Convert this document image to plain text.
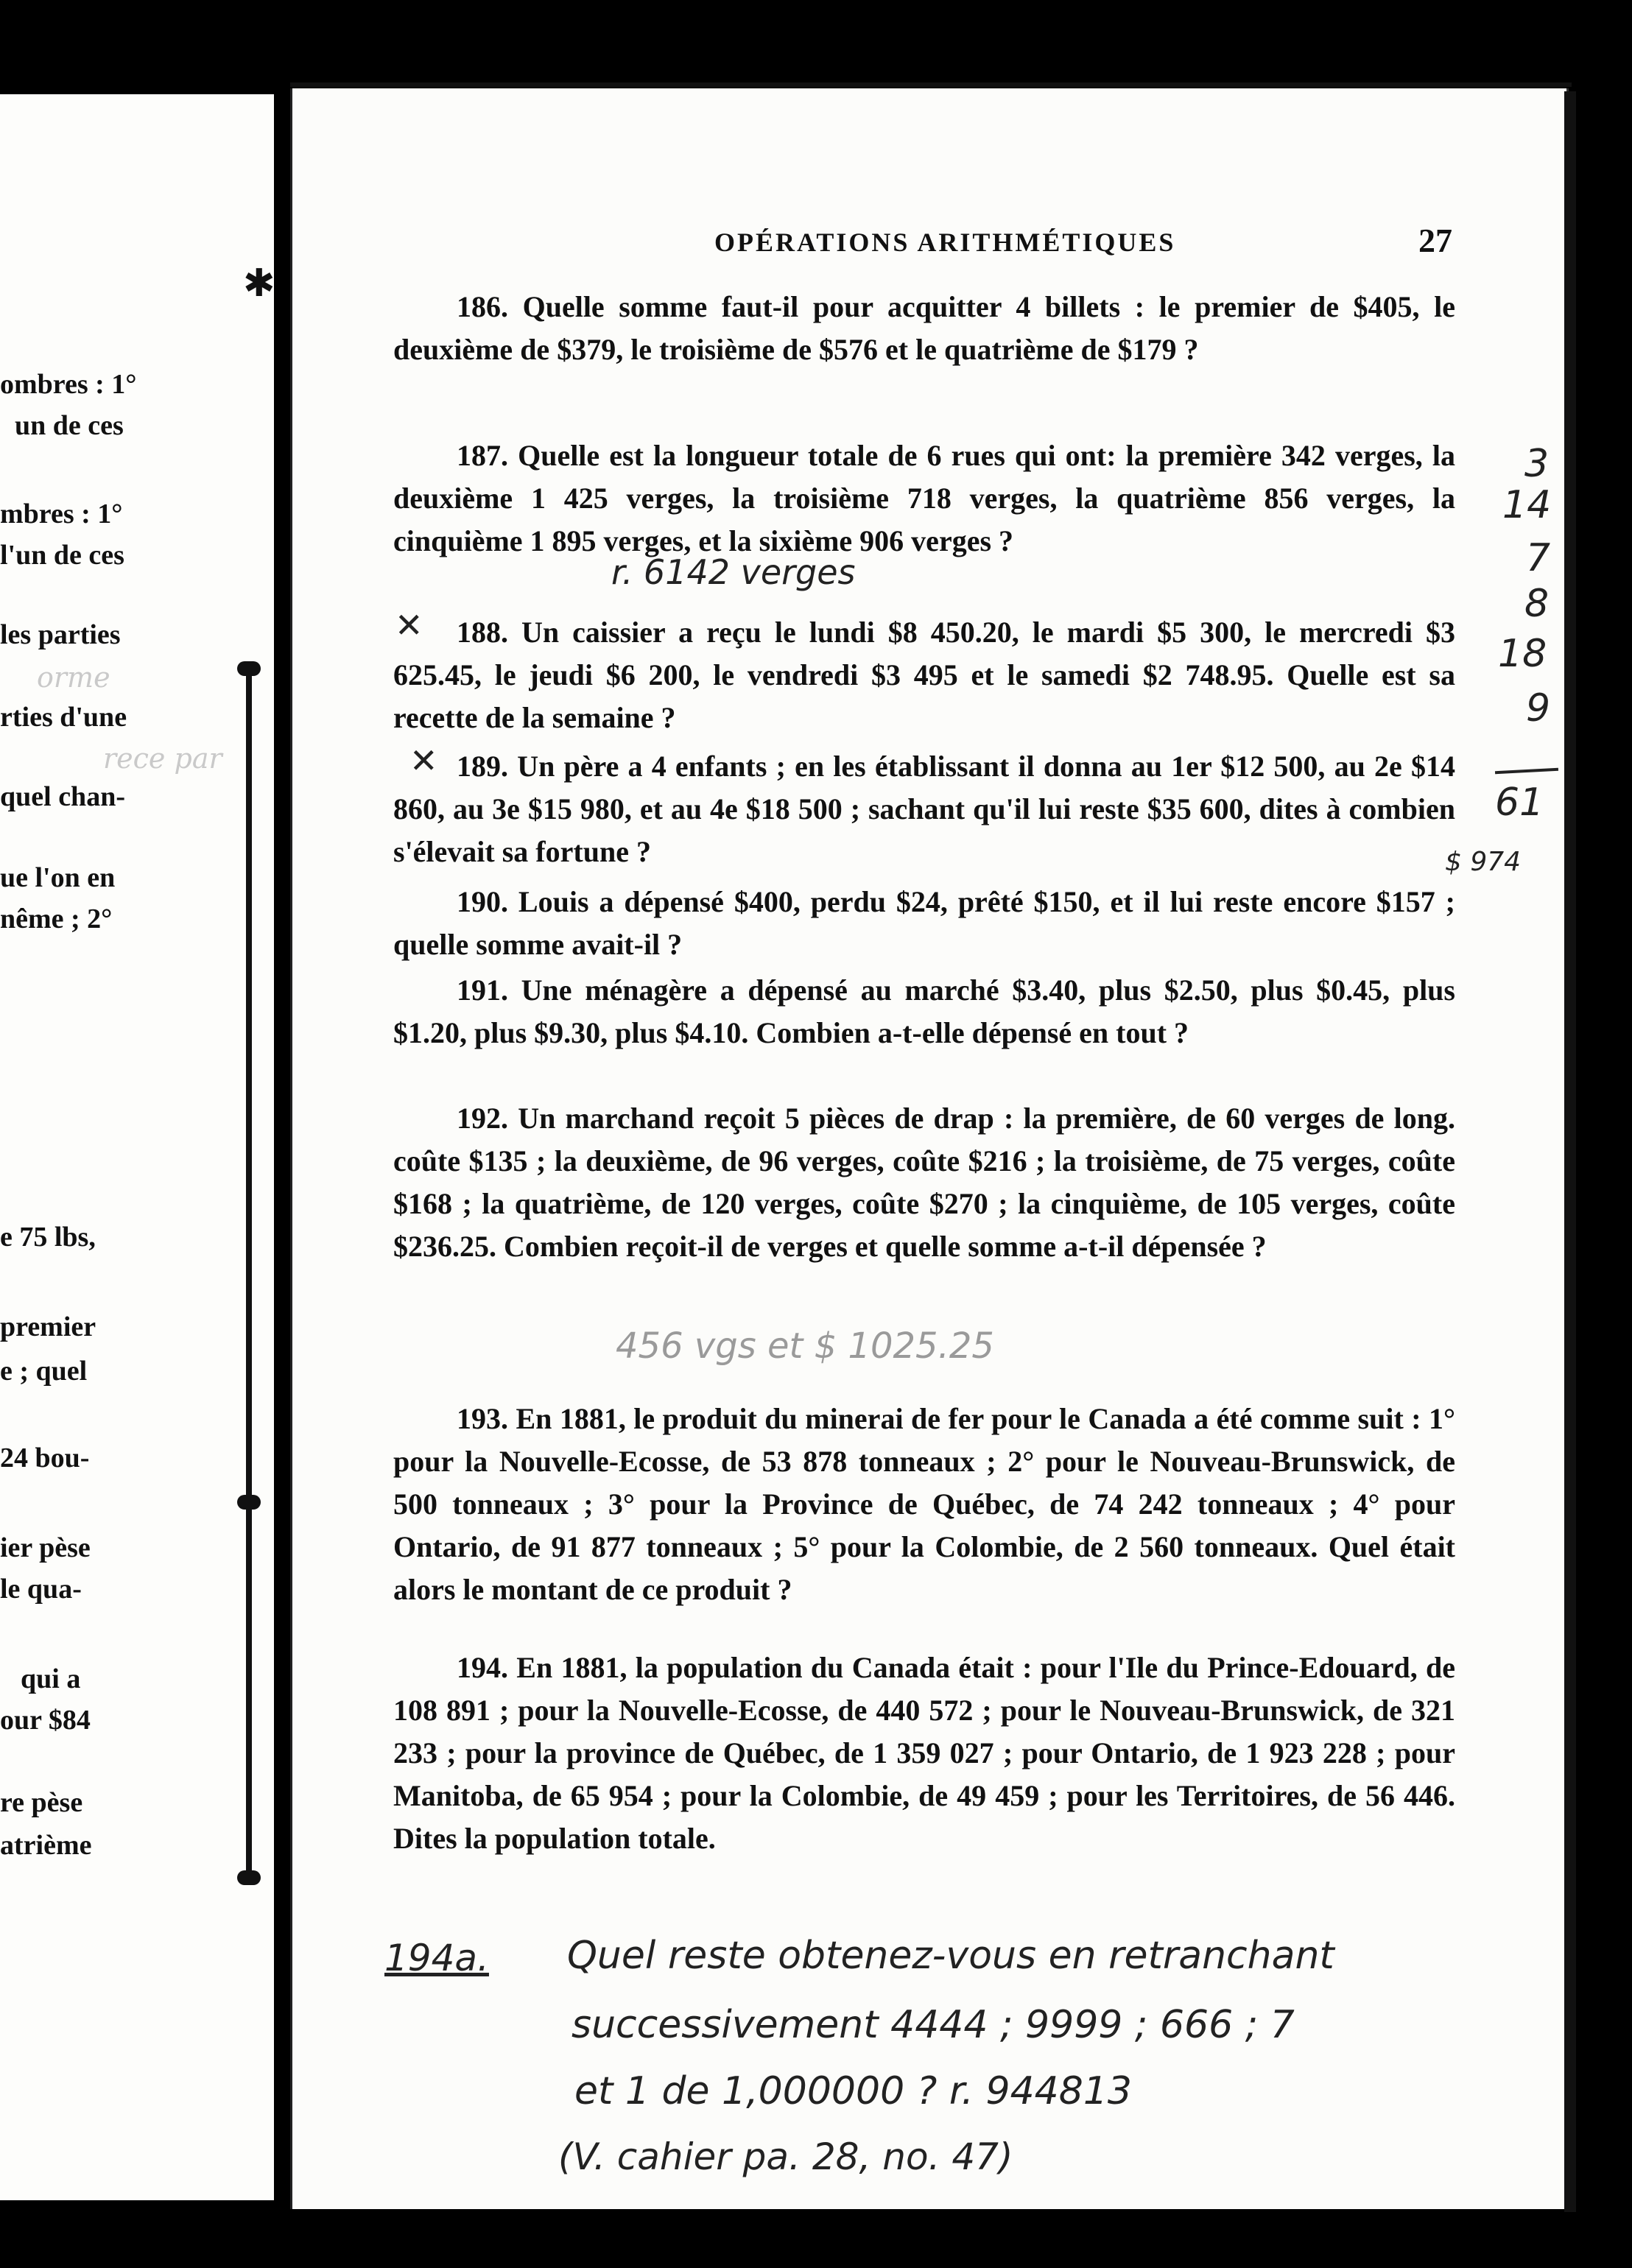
ombres : 1°
un de ces
mbres : 1°
l'un de ces
les parties
orme
rties d'une
rece par
quel chan-
ue l'on en
nême ; 2°
e 75 lbs,
premier
e ; quel
24 bou-
ier pèse
le qua-
qui a
our $84
re pèse
atrième
✱
OPÉRATIONS ARITHMÉTIQUES	27

186. Quelle somme faut-il pour acquitter 4 billets : le premier de $405, le deuxième de $379, le troisième de $576 et le quatrième de $179 ?

187. Quelle est la longueur totale de 6 rues qui ont: la première 342 verges, la deuxième 1 425 verges, la troisième 718 verges, la quatrième 856 verges, la cinquième 1 895 verges, et la sixième 906 verges ?

r. 6142 verges
✕	188. Un caissier a reçu le lundi $8 450.20, le mardi $5 300, le mercredi $3 625.45, le jeudi $6 200, le vendredi $3 495 et le samedi $2 748.95. Quelle est sa recette de la semaine ?

✕ 189. Un père a 4 enfants ; en les établissant il donna au 1er $12 500, au 2e $14 860, au 3e $15 980, et au 4e $18 500 ; sachant qu'il lui reste $35 600, dites à combien s'élevait sa fortune ?	$ 974

190. Louis a dépensé $400, perdu $24, prêté $150, et il lui reste encore $157 ; quelle somme avait-il ?

191. Une ménagère a dépensé au marché $3.40, plus $2.50, plus $0.45, plus $1.20, plus $9.30, plus $4.10. Combien a-t-elle dépensé en tout ?

192. Un marchand reçoit 5 pièces de drap : la première, de 60 verges de long. coûte $135 ; la deuxième, de 96 verges, coûte $216 ; la troisième, de 75 verges, coûte $168 ; la quatrième, de 120 verges, coûte $270 ; la cinquième, de 105 verges, coûte $236.25. Combien reçoit-il de verges et quelle somme a-t-il dépensée ?

456 vgs et $ 1025.25

193. En 1881, le produit du minerai de fer pour le Canada a été comme suit : 1° pour la Nouvelle-Ecosse, de 53 878 tonneaux ; 2° pour le Nouveau-Brunswick, de 500 tonneaux ; 3° pour la Province de Québec, de 74 242 tonneaux ; 4° pour Ontario, de 91 877 tonneaux ; 5° pour la Colombie, de 2 560 tonneaux. Quel était alors le montant de ce produit ?

194. En 1881, la population du Canada était : pour l'Ile du Prince-Edouard, de 108 891 ; pour la Nouvelle-Ecosse, de 440 572 ; pour le Nouveau-Brunswick, de 321 233 ; pour la province de Québec, de 1 359 027 ; pour Ontario, de 1 923 228 ; pour Manitoba, de 65 954 ; pour la Colombie, de 49 459 ; pour les Territoires, de 56 446. Dites la population totale.

3
14
7
8
18
9
61
194a. Quel reste obtenez-vous en retranchant
successivement 4444 ; 9999 ; 666 ; 7
et 1 de 1,000000 ? r. 944813
(V. cahier pa. 28, no. 47)
